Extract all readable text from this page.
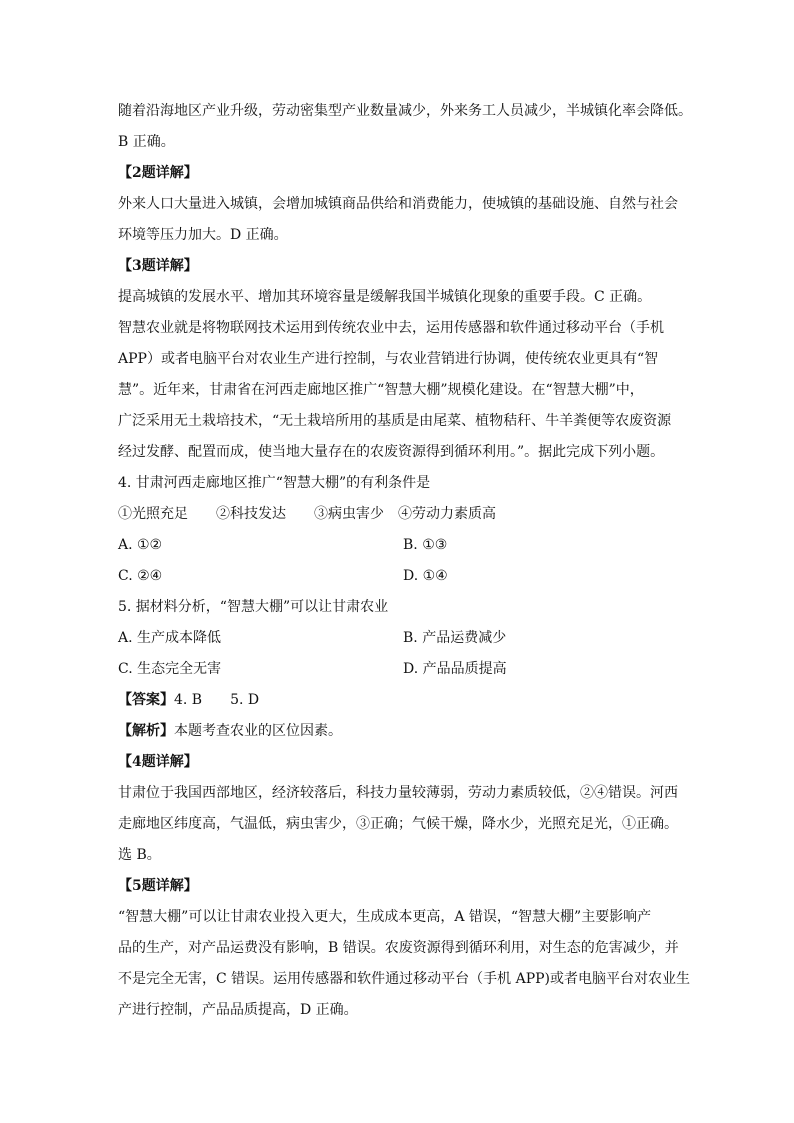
随着沿海地区产业升级，劳动密集型产业数量减少，外来务工人员减少，半城镇化率会降低。
B 正确。
【2题详解】
外来人口大量进入城镇，会增加城镇商品供给和消费能力，使城镇的基础设施、自然与社会
环境等压力加大。D 正确。
【3题详解】
提高城镇的发展水平、增加其环境容量是缓解我国半城镇化现象的重要手段。C 正确。
智慧农业就是将物联网技术运用到传统农业中去，运用传感器和软件通过移动平台（手机
APP）或者电脑平台对农业生产进行控制，与农业营销进行协调，使传统农业更具有“智
慧”。近年来，甘肃省在河西走廊地区推广“智慧大棚”规模化建设。在“智慧大棚”中，
广泛采用无土栽培技术，“无土栽培所用的基质是由尾菜、植物秸秆、牛羊粪便等农废资源
经过发酵、配置而成，使当地大量存在的农废资源得到循环利用。”。据此完成下列小题。
4. 甘肃河西走廊地区推广“智慧大棚”的有利条件是
①光照充足　　②科技发达　　③病虫害少　④劳动力素质高
A. ①②	B. ①③
C. ②④	D. ①④
5. 据材料分析，“智慧大棚”可以让甘肃农业
A. 生产成本降低	B. 产品运费减少
C. 生态完全无害	D. 产品品质提高
【答案】4. B　　5. D
【解析】本题考查农业的区位因素。
【4题详解】
甘肃位于我国西部地区，经济较落后，科技力量较薄弱，劳动力素质较低，②④错误。河西
走廊地区纬度高，气温低，病虫害少，③正确；气候干燥，降水少，光照充足光，①正确。
选 B。
【5题详解】
“智慧大棚”可以让甘肃农业投入更大，生成成本更高，A 错误，“智慧大棚”主要影响产
品的生产，对产品运费没有影响，B 错误。农废资源得到循环利用，对生态的危害减少，并
不是完全无害，C 错误。运用传感器和软件通过移动平台（手机 APP)或者电脑平台对农业生
产进行控制，产品品质提高，D 正确。
